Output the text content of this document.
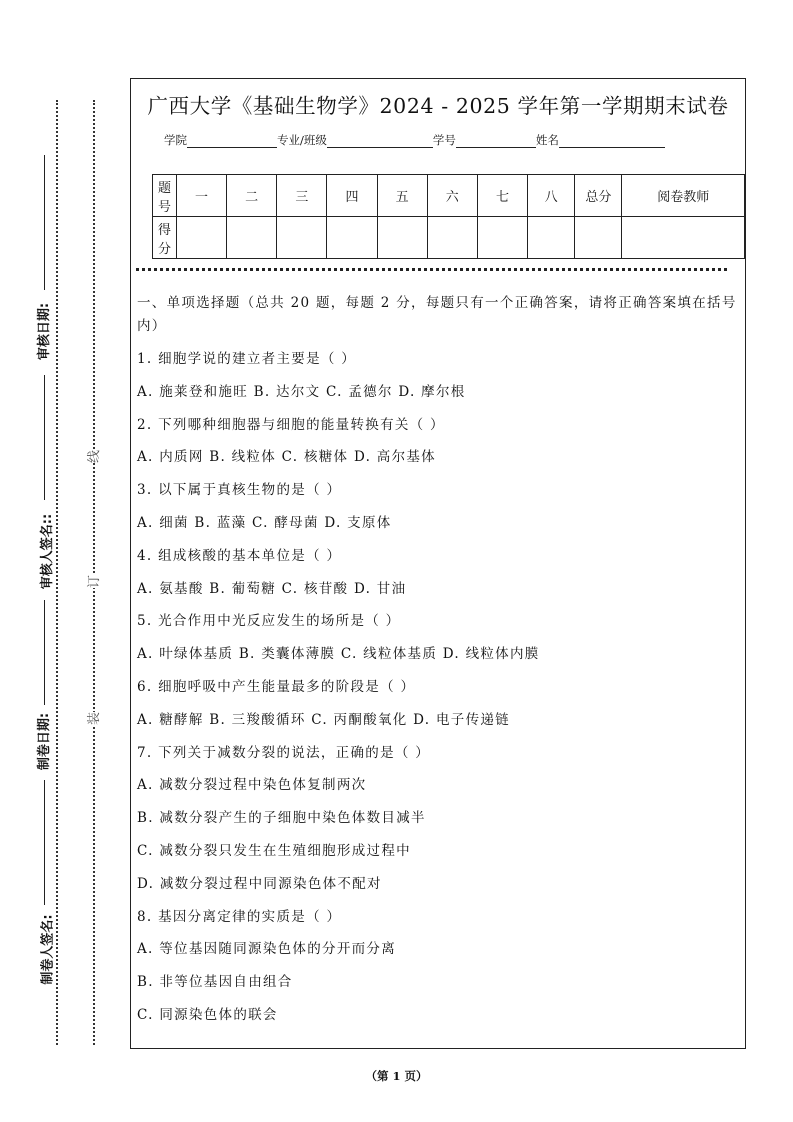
审核日期:
审核人签名::
制卷日期:
制卷人签名:
线
订
装
广西大学《基础生物学》2024 - 2025 学年第一学期期末试卷
学院	专业/班级	学号	姓名
题号	一	二	三	四	五	六	七	八	总分	阅卷教师
得分										
一、单项选择题（总共 20 题，每题 2 分，每题只有一个正确答案，请将正确答案填在括号内）
1. 细胞学说的建立者主要是（ ）
A. 施莱登和施旺 B. 达尔文 C. 孟德尔 D. 摩尔根
2. 下列哪种细胞器与细胞的能量转换有关（ ）
A. 内质网 B. 线粒体 C. 核糖体 D. 高尔基体
3. 以下属于真核生物的是（ ）
A. 细菌 B. 蓝藻 C. 酵母菌 D. 支原体
4. 组成核酸的基本单位是（ ）
A. 氨基酸 B. 葡萄糖 C. 核苷酸 D. 甘油
5. 光合作用中光反应发生的场所是（ ）
A. 叶绿体基质 B. 类囊体薄膜 C. 线粒体基质 D. 线粒体内膜
6. 细胞呼吸中产生能量最多的阶段是（ ）
A. 糖酵解 B. 三羧酸循环 C. 丙酮酸氧化 D. 电子传递链
7. 下列关于减数分裂的说法，正确的是（ ）
A. 减数分裂过程中染色体复制两次
B. 减数分裂产生的子细胞中染色体数目减半
C. 减数分裂只发生在生殖细胞形成过程中
D. 减数分裂过程中同源染色体不配对
8. 基因分离定律的实质是（ ）
A. 等位基因随同源染色体的分开而分离
B. 非等位基因自由组合
C. 同源染色体的联会
（第 1 页）
